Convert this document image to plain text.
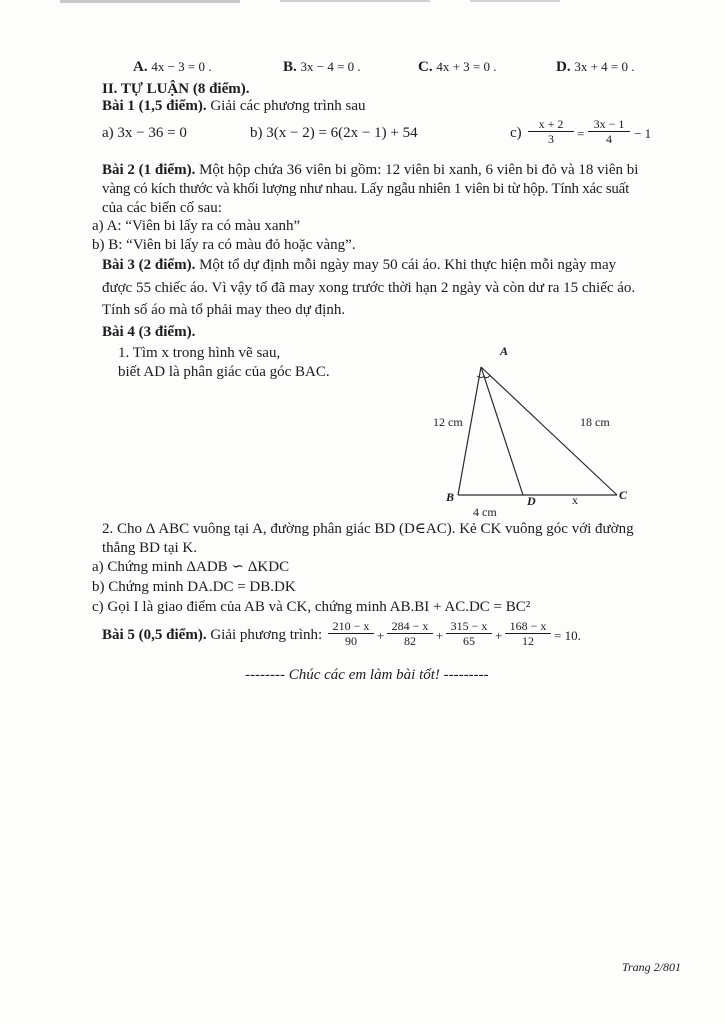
A. 4x − 3 = 0 .	B. 3x − 4 = 0 .	C. 4x + 3 = 0 .	D. 3x + 4 = 0 .
II. TỰ LUẬN (8 điểm).
Bài 1 (1,5 điểm). Giải các phương trình sau
a) 3x − 36 = 0	b) 3(x − 2) = 6(2x − 1) + 54	$c) \frac{x + 2}{3} = \frac{3x - 1}{4} - 1$
Bài 2 (1 điểm). Một hộp chứa 36 viên bi gồm: 12 viên bi xanh, 6 viên bi đỏ và 18 viên bi
vàng có kích thước và khối lượng như nhau. Lấy ngẫu nhiên 1 viên bi từ hộp. Tính xác suất
của các biến cố sau:
a) A: “Viên bi lấy ra có màu xanh”
b) B: “Viên bi lấy ra có màu đỏ hoặc vàng”.
Bài 3 (2 điểm). Một tổ dự định mỗi ngày may 50 cái áo. Khi thực hiện mỗi ngày may
được 55 chiếc áo. Vì vậy tổ đã may xong trước thời hạn 2 ngày và còn dư ra 15 chiếc áo.
Tính số áo mà tổ phải may theo dự định.
Bài 4 (3 điểm).
1. Tìm x trong hình vẽ sau,
biết AD là phân giác của góc BAC.
A
B	C
D
12 cm	18 cm
4 cm
x
2. Cho Δ ABC vuông tại A, đường phân giác BD (D∈AC). Kẻ CK vuông góc với đường
thẳng BD tại K.
a) Chứng minh ΔADB ∽ ΔKDC
b) Chứng minh DA.DC = DB.DK
c) Gọi I là giao điểm của AB và CK, chứng minh AB.BI + AC.DC = BC²
Bài 5 (0,5 điểm). Giải phương trình: $\frac{210 - x}{90} + \frac{284 - x}{82} + \frac{315 - x}{65} + \frac{168 - x}{12} = 10$.
-------- Chúc các em làm bài tốt! ---------
Trang 2/801
